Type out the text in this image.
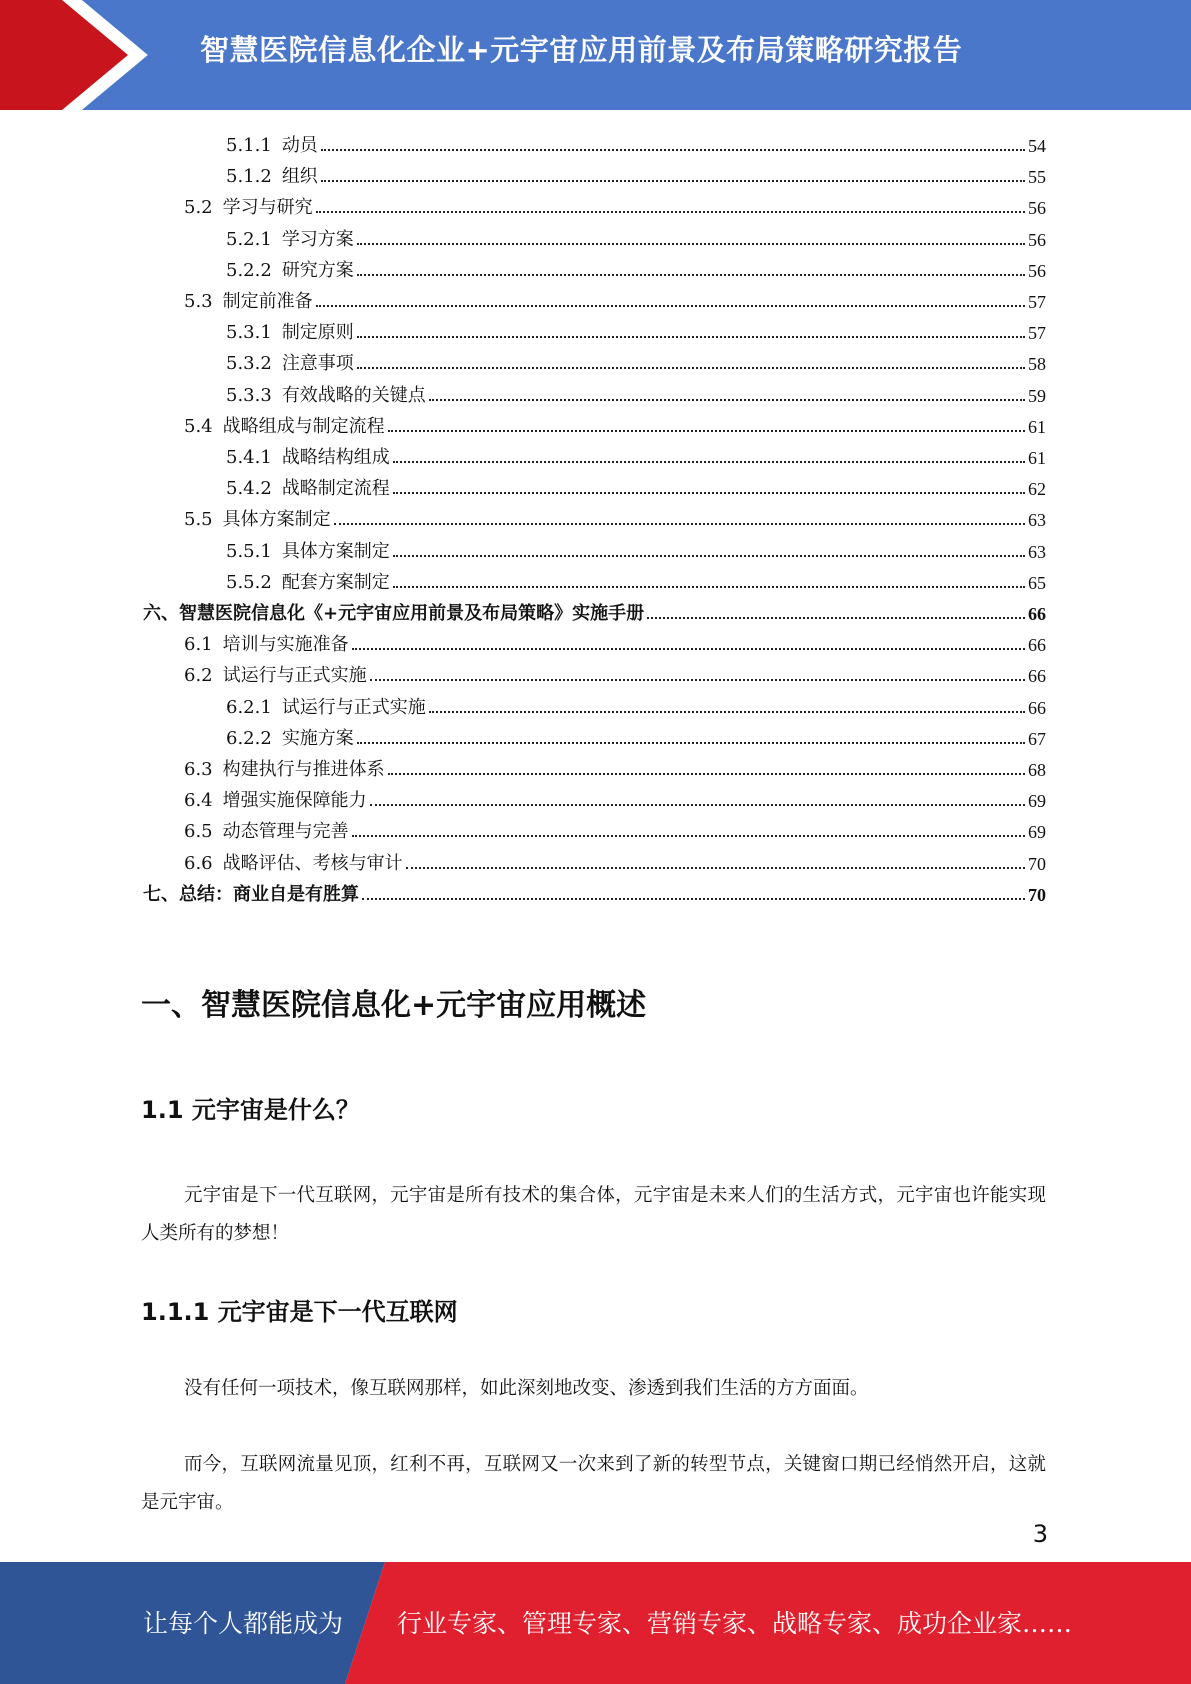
智慧医院信息化企业+元宇宙应用前景及布局策略研究报告
5.1.1 动员	54
5.1.2 组织	55
5.2 学习与研究	56
5.2.1 学习方案	56
5.2.2 研究方案	56
5.3 制定前准备	57
5.3.1 制定原则	57
5.3.2 注意事项	58
5.3.3 有效战略的关键点	59
5.4 战略组成与制定流程	61
5.4.1 战略结构组成	61
5.4.2 战略制定流程	62
5.5 具体方案制定	63
5.5.1 具体方案制定	63
5.5.2 配套方案制定	65
六、智慧医院信息化《+元宇宙应用前景及布局策略》实施手册	66
6.1 培训与实施准备	66
6.2 试运行与正式实施	66
6.2.1 试运行与正式实施	66
6.2.2 实施方案	67
6.3 构建执行与推进体系	68
6.4 增强实施保障能力	69
6.5 动态管理与完善	69
6.6 战略评估、考核与审计	70
七、总结：商业自是有胜算	70
一、智慧医院信息化+元宇宙应用概述
1.1 元宇宙是什么？
元宇宙是下一代互联网，元宇宙是所有技术的集合体，元宇宙是未来人们的生活方式，元宇宙也许能实现人类所有的梦想！
1.1.1 元宇宙是下一代互联网
没有任何一项技术，像互联网那样，如此深刻地改变、渗透到我们生活的方方面面。
而今，互联网流量见顶，红利不再，互联网又一次来到了新的转型节点，关键窗口期已经悄然开启，这就是元宇宙。
3
让每个人都能成为 行业专家、管理专家、营销专家、战略专家、成功企业家……
